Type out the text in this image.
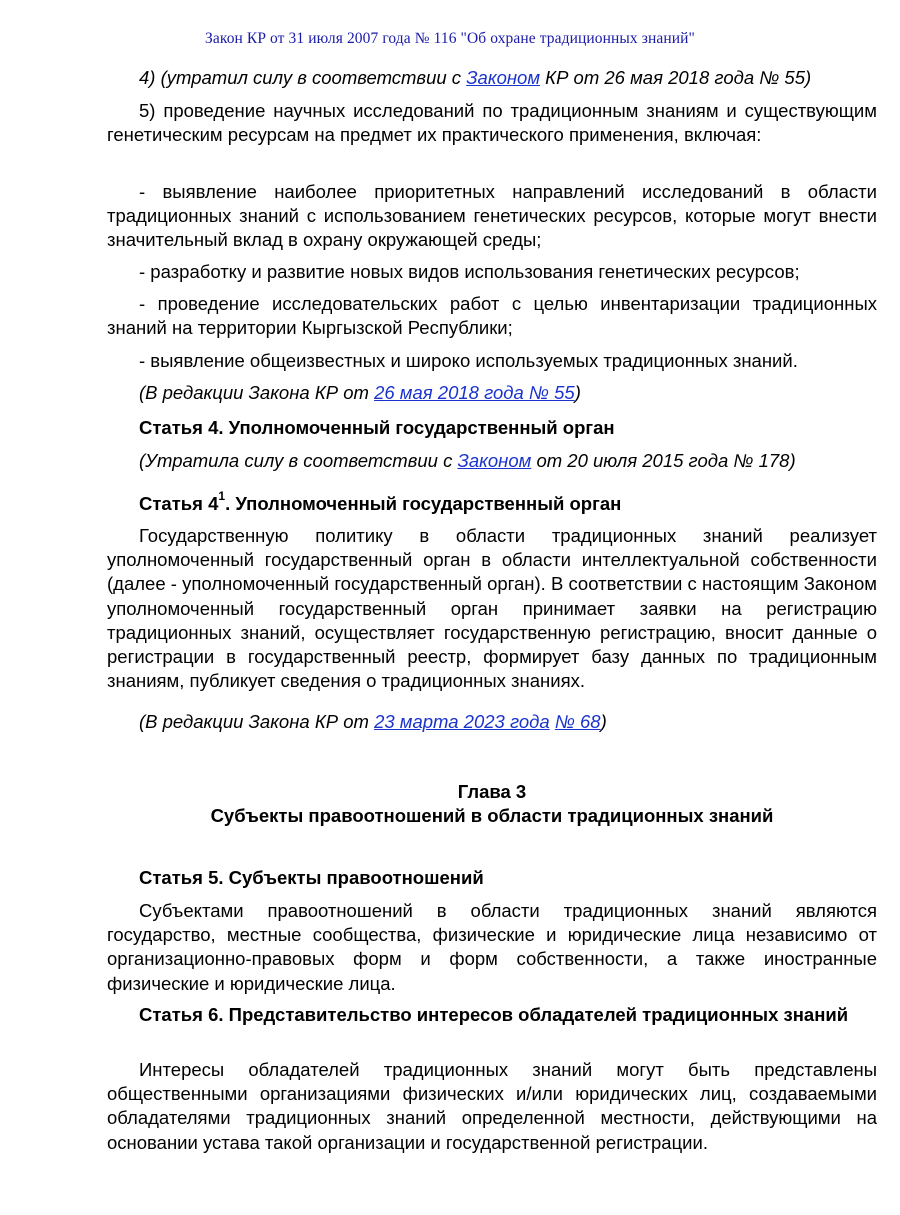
Закон КР от 31 июля 2007 года № 116 "Об охране традиционных знаний"
4) (утратил силу в соответствии с Законом КР от 26 мая 2018 года № 55)
5) проведение научных исследований по традиционным знаниям и существующим генетическим ресурсам на предмет их практического применения, включая:
- выявление наиболее приоритетных направлений исследований в области традиционных знаний с использованием генетических ресурсов, которые могут внести значительный вклад в охрану окружающей среды;
- разработку и развитие новых видов использования генетических ресурсов;
- проведение исследовательских работ с целью инвентаризации традиционных знаний на территории Кыргызской Республики;
- выявление общеизвестных и широко используемых традиционных знаний.
(В редакции Закона КР от 26 мая 2018 года № 55)
Статья 4. Уполномоченный государственный орган
(Утратила силу в соответствии с Законом от 20 июля 2015 года № 178)
Статья $4^1$. Уполномоченный государственный орган
Государственную политику в области традиционных знаний реализует уполномоченный государственный орган в области интеллектуальной собственности (далее - уполномоченный государственный орган). В соответствии с настоящим Законом уполномоченный государственный орган принимает заявки на регистрацию традиционных знаний, осуществляет государственную регистрацию, вносит данные о регистрации в государственный реестр, формирует базу данных по традиционным знаниям, публикует сведения о традиционных знаниях.
(В редакции Закона КР от 23 марта 2023 года № 68)
Глава 3
Субъекты правоотношений в области традиционных знаний
Статья 5. Субъекты правоотношений
Субъектами правоотношений в области традиционных знаний являются государство, местные сообщества, физические и юридические лица независимо от организационно-правовых форм и форм собственности, а также иностранные физические и юридические лица.
Статья 6. Представительство интересов обладателей традиционных знаний
Интересы обладателей традиционных знаний могут быть представлены общественными организациями физических и/или юридических лиц, создаваемыми обладателями традиционных знаний определенной местности, действующими на основании устава такой организации и государственной регистрации.
